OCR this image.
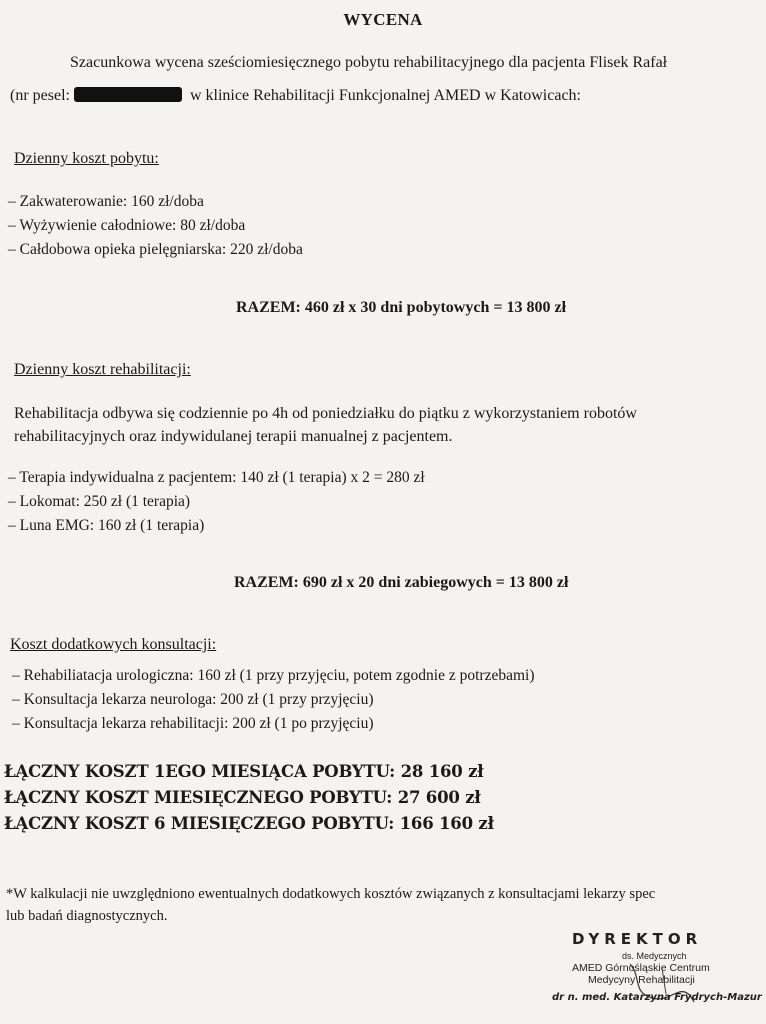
WYCENA
Szacunkowa wycena sześciomiesięcznego pobytu rehabilitacyjnego dla pacjenta Flisek Rafał
(nr pesel:	w klinice Rehabilitacji Funkcjonalnej AMED w Katowicach:
Dzienny koszt pobytu:
– Zakwaterowanie: 160 zł/doba
– Wyżywienie całodniowe: 80 zł/doba
– Całdobowa opieka pielęgniarska: 220 zł/doba
RAZEM: 460 zł x 30 dni pobytowych = 13 800 zł
Dzienny koszt rehabilitacji:
Rehabilitacja odbywa się codziennie po 4h od poniedziałku do piątku z wykorzystaniem robotów
rehabilitacyjnych oraz indywidulanej terapii manualnej z pacjentem.
– Terapia indywidualna z pacjentem: 140 zł (1 terapia) x 2 = 280 zł
– Lokomat: 250 zł (1 terapia)
– Luna EMG: 160 zł (1 terapia)
RAZEM: 690 zł x 20 dni zabiegowych = 13 800 zł
Koszt dodatkowych konsultacji:
– Rehabiliatacja urologiczna: 160 zł (1 przy przyjęciu, potem zgodnie z potrzebami)
– Konsultacja lekarza neurologa: 200 zł (1 przy przyjęciu)
– Konsultacja lekarza rehabilitacji: 200 zł (1 po przyjęciu)
ŁĄCZNY KOSZT 1EGO MIESIĄCA POBYTU: 28 160 zł
ŁĄCZNY KOSZT MIESIĘCZNEGO POBYTU: 27 600 zł
ŁĄCZNY KOSZT 6 MIESIĘCZEGO POBYTU: 166 160 zł
*W kalkulacji nie uwzględniono ewentualnych dodatkowych kosztów związanych z konsultacjami lekarzy spec
lub badań diagnostycznych.
DYREKTOR
ds. Medycznych
AMED Górnośląskie Centrum
Medycyny Rehabilitacji
dr n. med. Katarzyna Frydrych-Mazur
